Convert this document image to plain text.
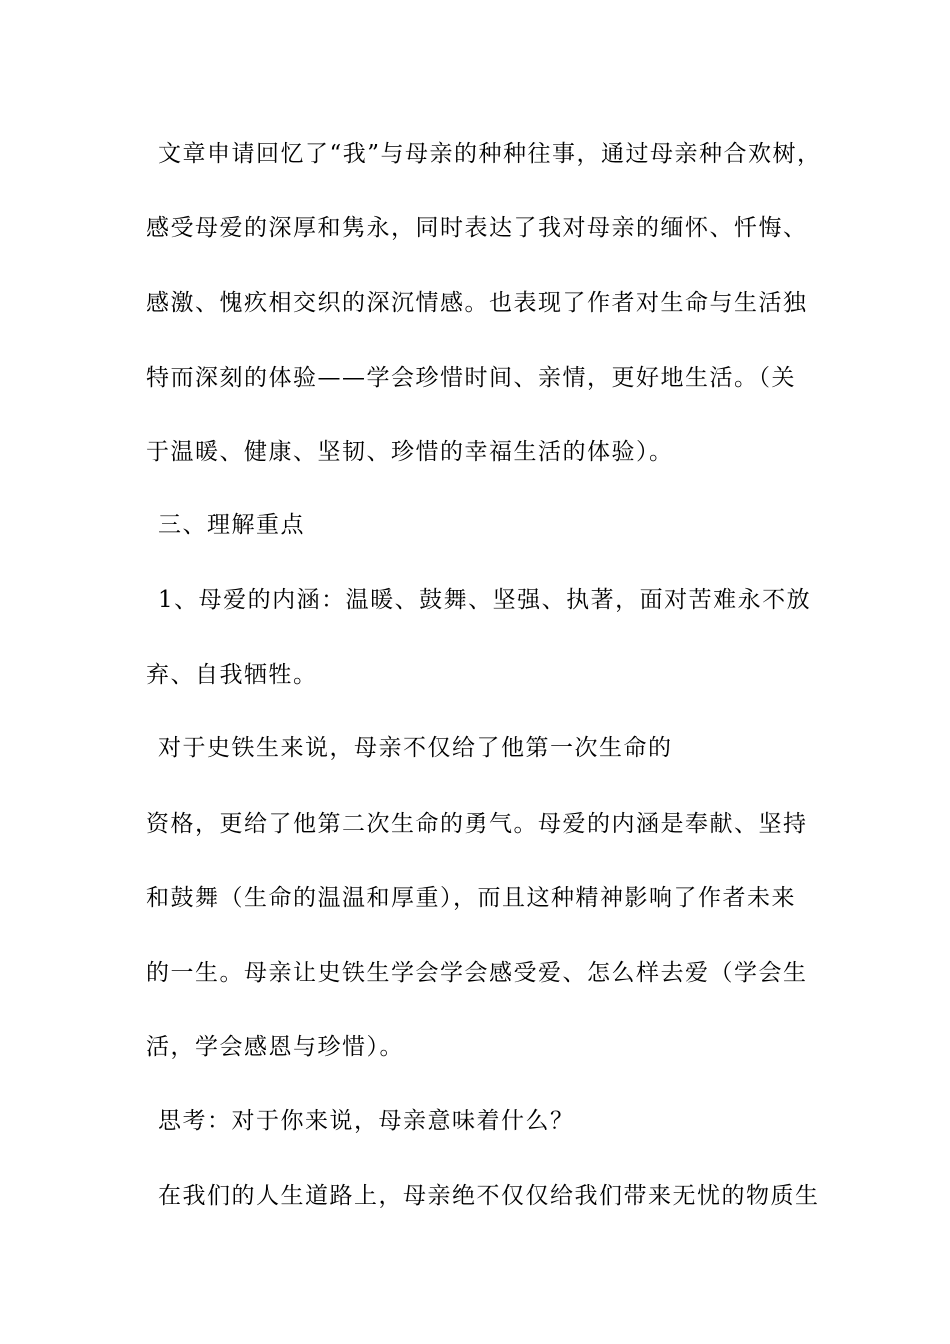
文章申请回忆了“我”与母亲的种种往事，通过母亲种合欢树，
感受母爱的深厚和隽永，同时表达了我对母亲的缅怀、忏悔、
感激、愧疚相交织的深沉情感。也表现了作者对生命与生活独
特而深刻的体验——学会珍惜时间、亲情，更好地生活。（关
于温暖、健康、坚韧、珍惜的幸福生活的体验）。
三、理解重点
1、母爱的内涵：温暖、鼓舞、坚强、执著，面对苦难永不放
弃、自我牺牲。
对于史铁生来说，母亲不仅给了他第一次生命的
资格，更给了他第二次生命的勇气。母爱的内涵是奉献、坚持
和鼓舞（生命的温温和厚重），而且这种精神影响了作者未来
的一生。母亲让史铁生学会学会感受爱、怎么样去爱（学会生
活，学会感恩与珍惜）。
思考：对于你来说，母亲意味着什么？
在我们的人生道路上，母亲绝不仅仅给我们带来无忧的物质生
